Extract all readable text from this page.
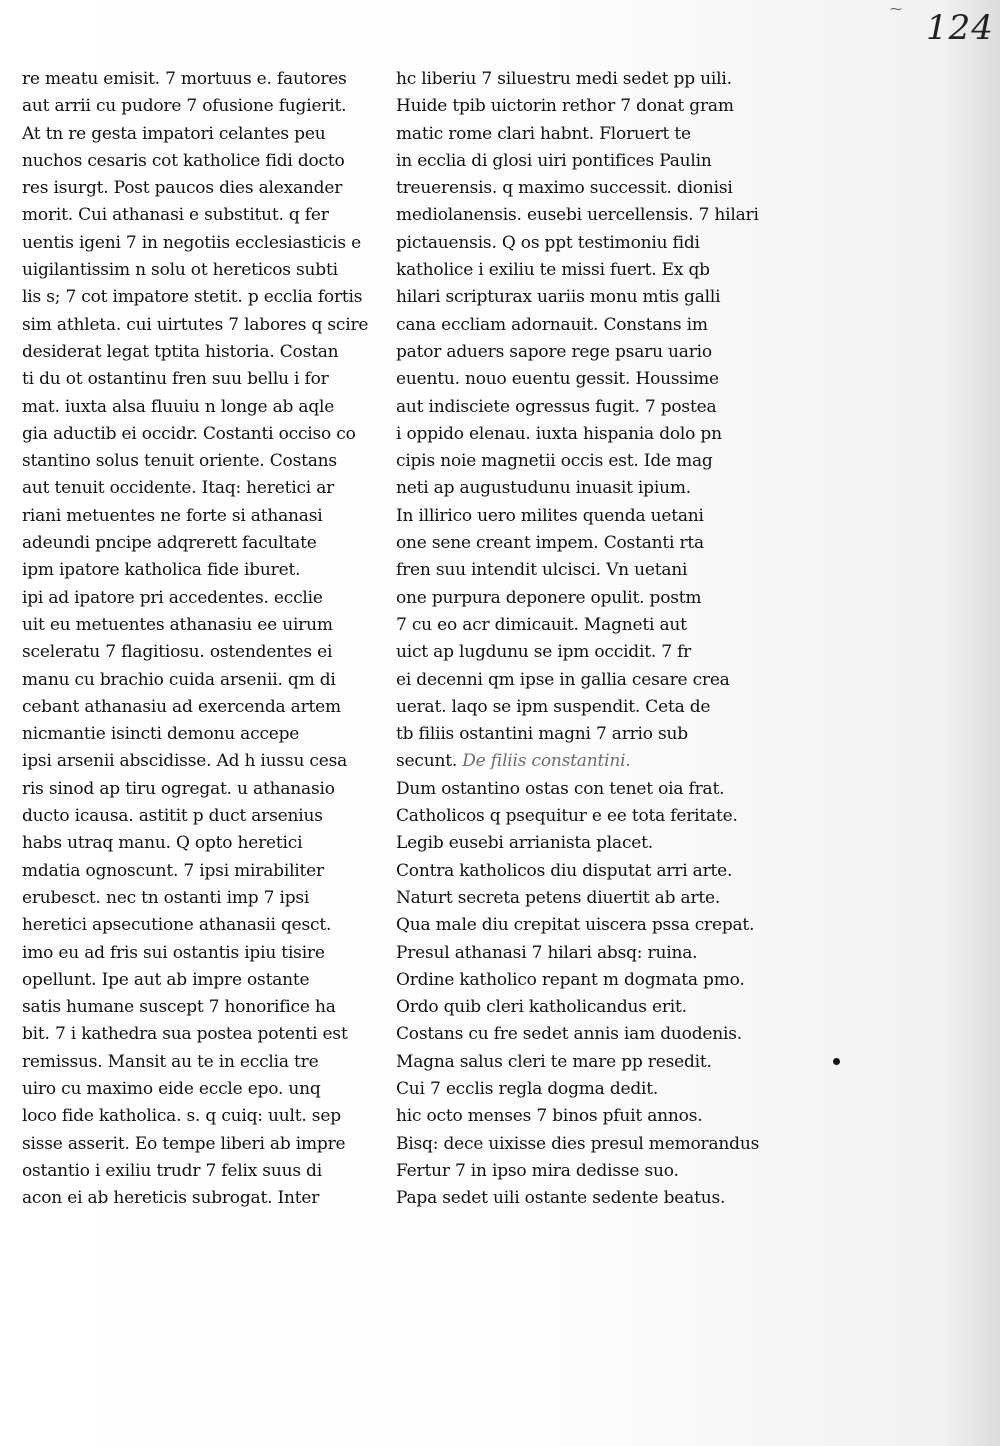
⁓ 124
re meatu emisit. 7 mortuus e. fautores
aut arrii cu pudore 7 ofusione fugierit.
At tn re gesta impatori celantes peu
nuchos cesaris cot katholice fidi docto
res isurgt. Post paucos dies alexander
morit. Cui athanasi e substitut. q fer
uentis igeni 7 in negotiis ecclesiasticis e
uigilantissim n solu ot hereticos subti
lis s; 7 cot impatore stetit. p ecclia fortis
sim athleta. cui uirtutes 7 labores q scire
desiderat legat tptita historia. Costan
ti du ot ostantinu fren suu bellu i for
mat. iuxta alsa fluuiu n longe ab aqle
gia aductib ei occidr. Costanti occiso co
stantino solus tenuit oriente. Costans
aut tenuit occidente. Itaq: heretici ar
riani metuentes ne forte si athanasi
adeundi pncipe adqrerett facultate
ipm ipatore katholica fide iburet.
ipi ad ipatore pri accedentes. ecclie
uit eu metuentes athanasiu ee uirum
sceleratu 7 flagitiosu. ostendentes ei
manu cu brachio cuida arsenii. qm di
cebant athanasiu ad exercenda artem
nicmantie isincti demonu accepe
ipsi arsenii abscidisse. Ad h iussu cesa
ris sinod ap tiru ogregat. u athanasio
ducto icausa. astitit p duct arsenius
habs utraq manu. Q opto heretici
mdatia ognoscunt. 7 ipsi mirabiliter
erubesct. nec tn ostanti imp 7 ipsi
heretici apsecutione athanasii qesct.
imo eu ad fris sui ostantis ipiu tisire
opellunt. Ipe aut ab impre ostante
satis humane suscept 7 honorifice ha
bit. 7 i kathedra sua postea potenti est
remissus. Mansit au te in ecclia tre
uiro cu maximo eide eccle epo. unq
loco fide katholica. s. q cuiq: uult. sep
sisse asserit. Eo tempe liberi ab impre
ostantio i exiliu trudr 7 felix suus di
acon ei ab hereticis subrogat. Inter
hc liberiu 7 siluestru medi sedet pp uili.
Huide tpib uictorin rethor 7 donat gram
matic rome clari habnt. Floruert te
in ecclia di glosi uiri pontifices Paulin
treuerensis. q maximo successit. dionisi
mediolanensis. eusebi uercellensis. 7 hilari
pictauensis. Q os ppt testimoniu fidi
katholice i exiliu te missi fuert. Ex qb
hilari scripturax uariis monu mtis galli
cana eccliam adornauit. Constans im
pator aduers sapore rege psaru uario
euentu. nouo euentu gessit. Houssime
aut indisciete ogressus fugit. 7 postea
i oppido elenau. iuxta hispania dolo pn
cipis noie magnetii occis est. Ide mag
neti ap augustudunu inuasit ipium.
In illirico uero milites quenda uetani
one sene creant impem. Costanti rta
fren suu intendit ulcisci. Vn uetani
one purpura deponere opulit. postm
7 cu eo acr dimicauit. Magneti aut
uict ap lugdunu se ipm occidit. 7 fr
ei decenni qm ipse in gallia cesare crea
uerat. laqo se ipm suspendit. Ceta de
tb filiis ostantini magni 7 arrio sub
secunt. De filiis constantini.
Dum ostantino ostas con tenet oia frat.
Catholicos q psequitur e ee tota feritate.
Legib eusebi arrianista placet.
Contra katholicos diu disputat arri arte.
Naturt secreta petens diuertit ab arte.
Qua male diu crepitat uiscera pssa crepat.
Presul athanasi 7 hilari absq: ruina.
Ordine katholico repant m dogmata pmo.
Ordo quib cleri katholicandus erit.
Costans cu fre sedet annis iam duodenis.
Magna salus cleri te mare pp resedit.
Cui 7 ecclis regla dogma dedit.
hic octo menses 7 binos pfuit annos.
Bisq: dece uixisse dies presul memorandus
Fertur 7 in ipso mira dedisse suo.
Papa sedet uili ostante sedente beatus.
